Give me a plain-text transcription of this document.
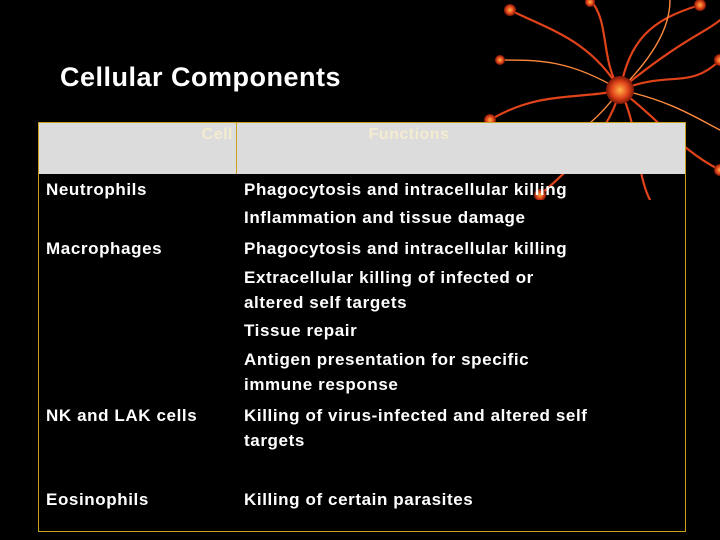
Cellular Components
Cell	Functions
Neutrophils	Phagocytosis and intracellular killing
Inflammation and tissue damage
Macrophages	Phagocytosis and intracellular killing
Extracellular killing of infected or
altered self targets
Tissue repair
Antigen presentation for specific
immune response
NK and LAK cells	Killing of virus-infected and altered self
targets
Eosinophils	Killing of certain parasites
